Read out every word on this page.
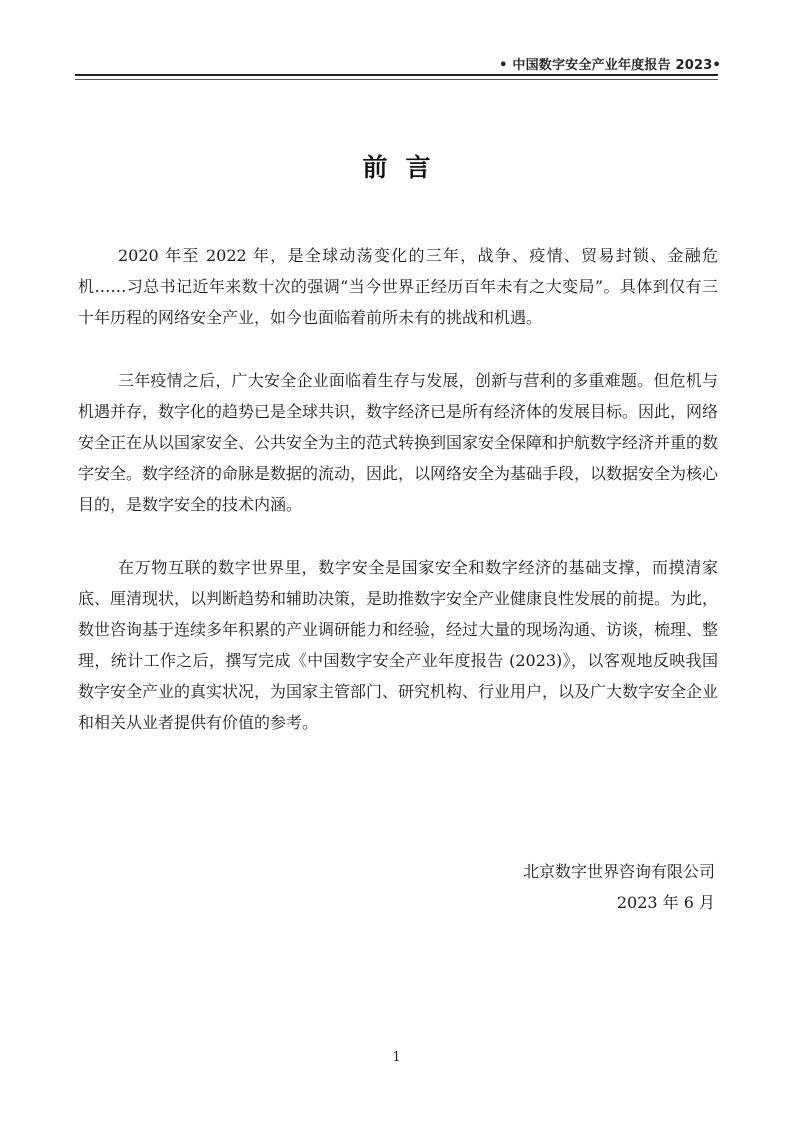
• 中国数字安全产业年度报告 2023•
前言

2020 年至 2022 年，是全球动荡变化的三年，战争、疫情、贸易封锁、金融危机……习总书记近年来数十次的强调“当今世界正经历百年未有之大变局”。具体到仅有三十年历程的网络安全产业，如今也面临着前所未有的挑战和机遇。

三年疫情之后，广大安全企业面临着生存与发展，创新与营利的多重难题。但危机与机遇并存，数字化的趋势已是全球共识，数字经济已是所有经济体的发展目标。因此，网络安全正在从以国家安全、公共安全为主的范式转换到国家安全保障和护航数字经济并重的数字安全。数字经济的命脉是数据的流动，因此，以网络安全为基础手段，以数据安全为核心目的，是数字安全的技术内涵。

在万物互联的数字世界里，数字安全是国家安全和数字经济的基础支撑，而摸清家底、厘清现状，以判断趋势和辅助决策，是助推数字安全产业健康良性发展的前提。为此，数世咨询基于连续多年积累的产业调研能力和经验，经过大量的现场沟通、访谈，梳理、整理，统计工作之后，撰写完成《中国数字安全产业年度报告 (2023)》，以客观地反映我国数字安全产业的真实状况，为国家主管部门、研究机构、行业用户，以及广大数字安全企业和相关从业者提供有价值的参考。

北京数字世界咨询有限公司
2023 年 6 月
1
